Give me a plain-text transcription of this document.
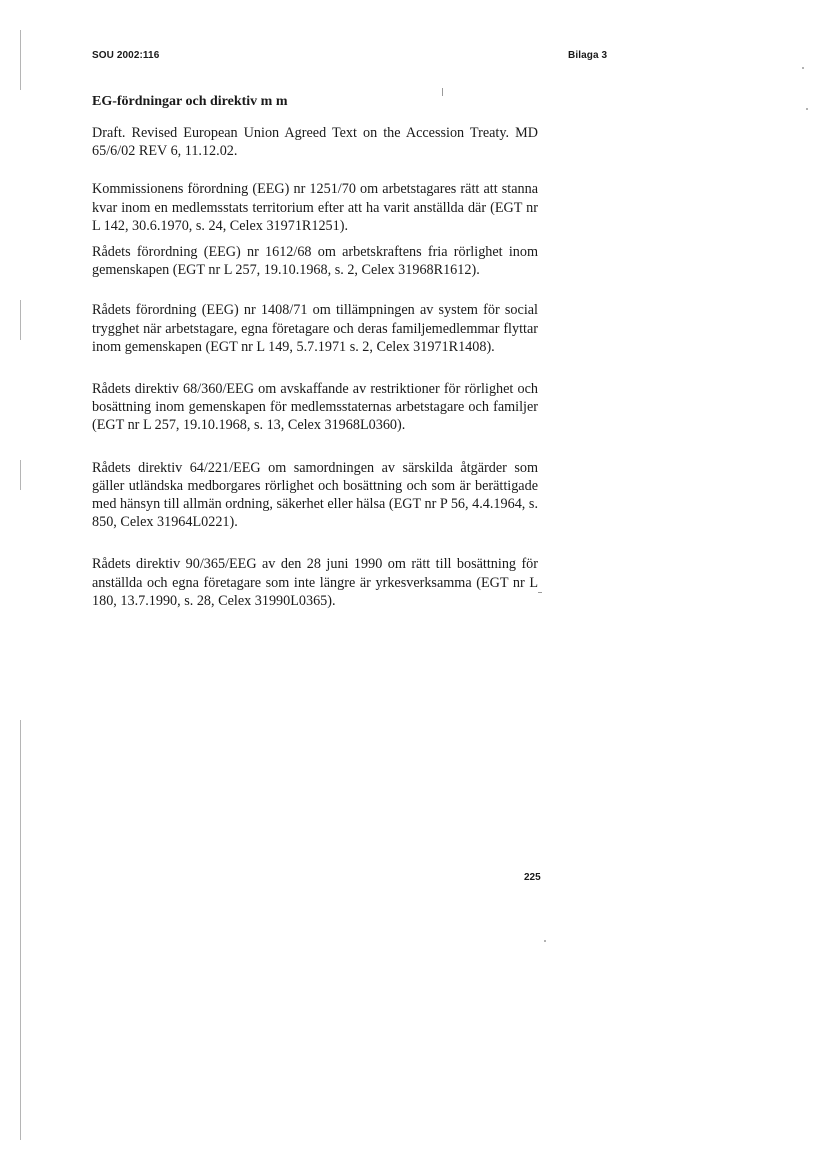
SOU 2002:116	Bilaga 3
EG-fördningar och direktiv m m

Draft. Revised European Union Agreed Text on the Accession Treaty. MD 65/6/02 REV 6, 11.12.02.

Kommissionens förordning (EEG) nr 1251/70 om arbetstagares rätt att stanna kvar inom en medlemsstats territorium efter att ha varit anställda där (EGT nr L 142, 30.6.1970, s. 24, Celex 31971R1251).

Rådets förordning (EEG) nr 1612/68 om arbetskraftens fria rörlighet inom gemenskapen (EGT nr L 257, 19.10.1968, s. 2, Celex 31968R1612).

Rådets förordning (EEG) nr 1408/71 om tillämpningen av system för social trygghet när arbetstagare, egna företagare och deras familjemedlemmar flyttar inom gemenskapen (EGT nr L 149, 5.7.1971 s. 2, Celex 31971R1408).

Rådets direktiv 68/360/EEG om avskaffande av restriktioner för rörlighet och bosättning inom gemenskapen för medlemsstaternas arbetstagare och familjer (EGT nr L 257, 19.10.1968, s. 13, Celex 31968L0360).

Rådets direktiv 64/221/EEG om samordningen av särskilda åtgärder som gäller utländska medborgares rörlighet och bosättning och som är berättigade med hänsyn till allmän ordning, säkerhet eller hälsa (EGT nr P 56, 4.4.1964, s. 850, Celex 31964L0221).

Rådets direktiv 90/365/EEG av den 28 juni 1990 om rätt till bosättning för anställda och egna företagare som inte längre är yrkesverksamma (EGT nr L 180, 13.7.1990, s. 28, Celex 31990L0365).

225
